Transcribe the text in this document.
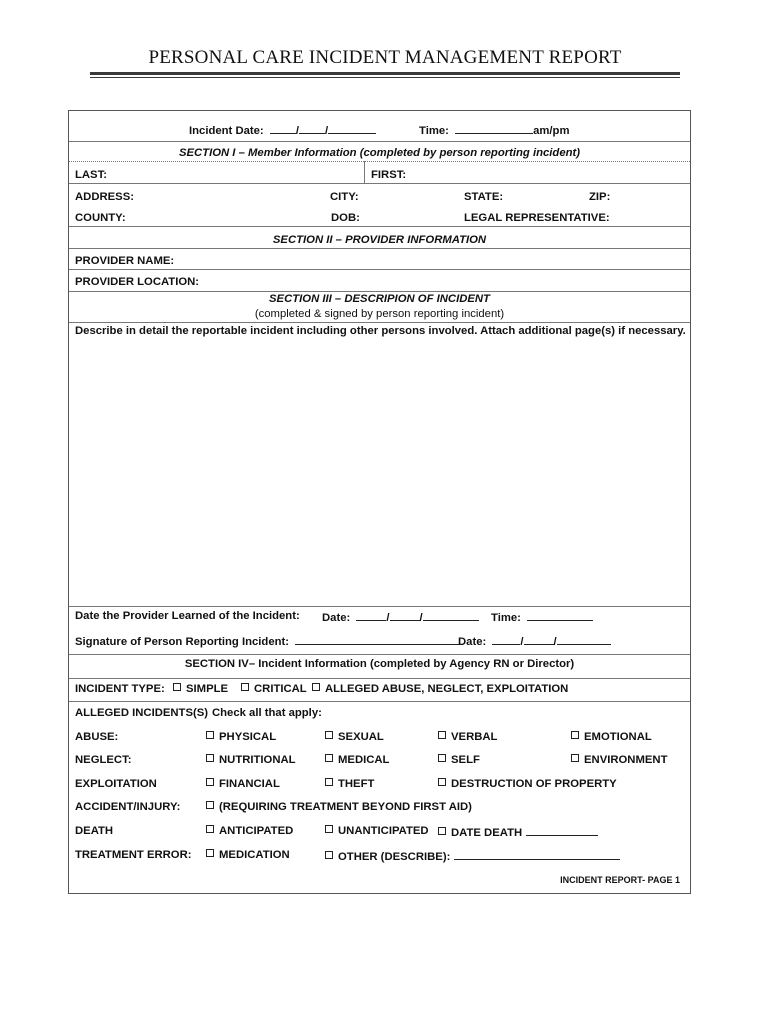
PERSONAL CARE INCIDENT MANAGEMENT REPORT
Incident Date:	/ /	Time:	am/pm
SECTION I – Member Information (completed by person reporting incident)
LAST:	FIRST:
ADDRESS:	CITY:	STATE:	ZIP:
COUNTY:	DOB:	LEGAL REPRESENTATIVE:
SECTION II – PROVIDER INFORMATION
PROVIDER NAME:
PROVIDER LOCATION:
SECTION III – DESCRIPION OF INCIDENT
(completed & signed by person reporting incident)
Describe in detail the reportable incident including other persons involved. Attach additional page(s) if necessary.
Date the Provider Learned of the Incident: Date:	/	/	Time:
Signature of Person Reporting Incident:	Date:	/	/
SECTION IV– Incident Information (completed by Agency RN or Director)
INCIDENT TYPE:	SIMPLE	CRITICAL	ALLEGED ABUSE, NEGLECT, EXPLOITATION
ALLEGED INCIDENTS(S) Check all that apply:
ABUSE:	PHYSICAL	SEXUAL	VERBAL	EMOTIONAL
NEGLECT:	NUTRITIONAL	MEDICAL	SELF	ENVIRONMENT
EXPLOITATION	FINANCIAL	THEFT	DESTRUCTION OF PROPERTY
ACCIDENT/INJURY:	(REQUIRING TREATMENT BEYOND FIRST AID)
DEATH	ANTICIPATED	UNANTICIPATED	DATE DEATH
TREATMENT ERROR:	MEDICATION	OTHER (DESCRIBE):
INCIDENT REPORT- PAGE 1
